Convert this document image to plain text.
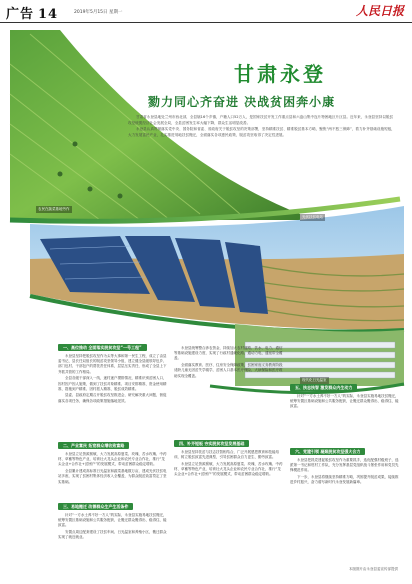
广告 14	2019年5月15日 星期一	人民日报
甘肃永登
勠力同心齐奋进 决战贫困奔小康

甘肃省永登县地处兰州市西北部，全县辖16个乡镇，户籍人口52万人，是国家扶贫开发工作重点县和六盘山集中连片特困地区片区县。近年来，永登县坚持以脱贫攻坚统揽经济社会发展全局，全县贫困发生率大幅下降，群众生活明显改善。

永登县认真贯彻落实党中央、国务院和省委、省政府关于脱贫攻坚的决策部署，坚持精准扶贫、精准脱贫基本方略，聚焦“两不愁三保障”，着力补齐基础设施短板，大力发展富民产业，扎实推进易地扶贫搬迁，全面落实各项惠民政策，脱贫攻坚取得了决定性进展。

农民在蔬菜基地劳作
光伏扶贫电站
现代化日光温室
一、高位推动 全面落实脱贫攻坚“一号工程”

永登县坚持把脱贫攻坚作为头等大事和第一民生工程，成立了由县委书记、县长任双组长的脱贫攻坚领导小组，建立健全县级领导包乡、部门包村、干部包户的帮扶责任体系，层层压实责任，形成了全县上下齐抓共管的工作格局。

全县各级干部深入一线，逐村逐户摸排情况，精准识别贫困人口，因村因户因人施策，做到了扶贫对象精准、项目安排精准、资金使用精准、措施到户精准、因村派人精准、脱贫成效精准。

县委、县政府定期召开脱贫攻坚推进会，研究解决重大问题，督促落实各项任务，确保各项政策措施落地见效。

二、产业富民 拓宽群众增收致富路

永登县立足资源禀赋，大力发展高原夏菜、玫瑰、苦水玫瑰、中药材、草畜等特色产业，培育壮大龙头企业和农民专业合作社，推行“龙头企业+合作社+贫困户”的发展模式，带动贫困群众稳定增收。

全县累计建成高标准日光温室和蔬菜基地数万亩，建成光伏扶贫电站多座，实现了贫困村集体经济收入全覆盖，为群众脱贫致富奠定了坚实基础。

三、易地搬迁 改善群众生产生活条件

针对“一方水土养不好一方人”的实际，永登县实施易地扶贫搬迁，统筹安置区基础设施和公共服务配套，让搬迁群众搬得出、稳得住、能致富。

安置点周边配套建设了扶贫车间、日光温室和养殖小区，搬迁群众实现了就近就业。

永登县统筹整合涉农资金，持续加大农村道路、饮水、电力、通信等基础设施建设力度，实现了行政村通硬化路、通动力电、通宽带全覆盖。

全面落实教育、医疗、住房安全保障政策，贫困家庭义务教育阶段适龄儿童无因贫失学辍学，贫困人口基本医疗保险、大病保险和医疗救助实现全覆盖。

四、补齐短板 夯实脱贫攻坚发展基础

永登县坚持扶贫与扶志扶智相结合，广泛开展感恩教育和技能培训，树立脱贫致富先进典型，引导贫困群众自力更生、勤劳致富。

永登县立足资源禀赋，大力发展高原夏菜、玫瑰、苦水玫瑰、中药材、草畜等特色产业，培育壮大龙头企业和农民专业合作社，推行“龙头企业+合作社+贫困户”的发展模式，带动贫困群众稳定增收。

五、扶志扶智 激发群众内生动力

针对“一方水土养不好一方人”的实际，永登县实施易地扶贫搬迁，统筹安置区基础设施和公共服务配套，让搬迁群众搬得出、稳得住、能致富。

六、党建引领 凝聚脱贫攻坚强大合力

永登县把抓党建促脱贫攻坚作为重要抓手，选优配强村级班子，选派第一书记和驻村工作队，充分发挥基层党组织战斗堡垒作用和党员先锋模范作用。

下一步，永登县将继续坚持精准方略，巩固提升脱贫成果，接续推进乡村振兴，奋力谱写新时代永登发展新篇章。

本版图片由永登县委宣传部提供
